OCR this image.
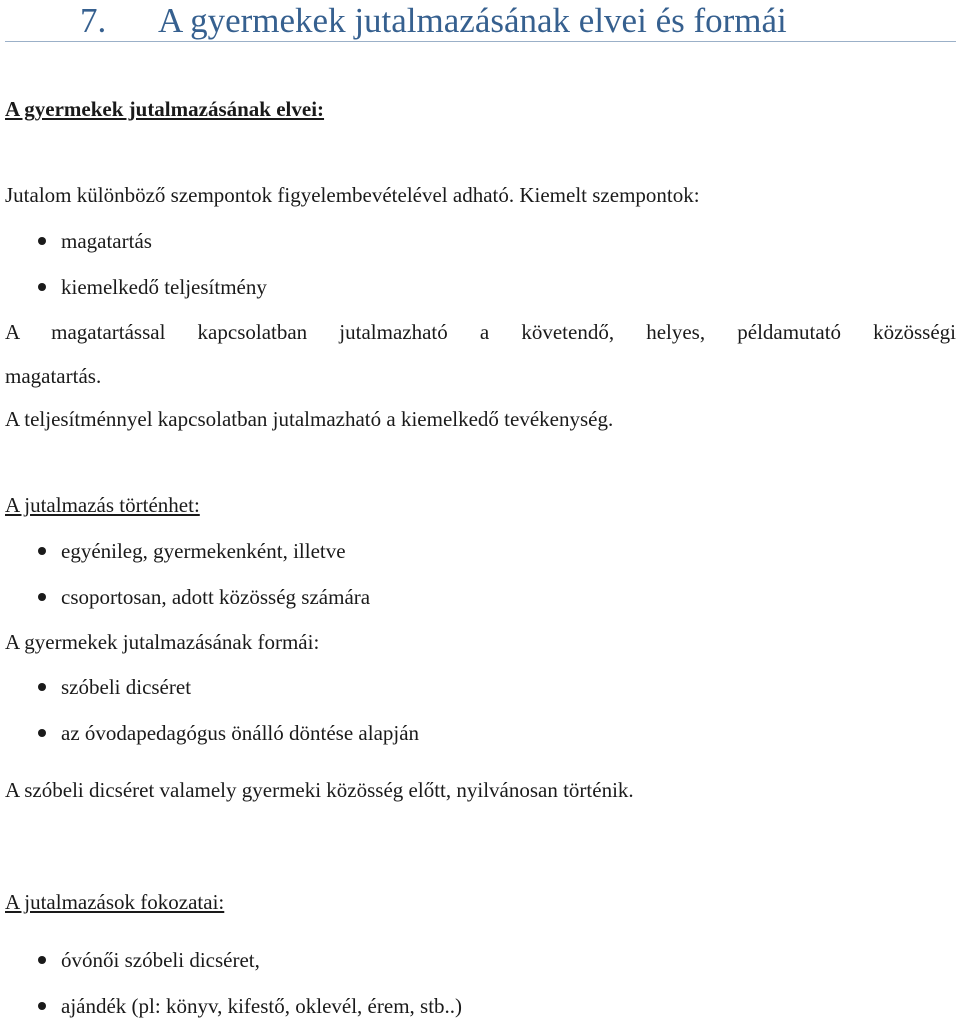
7. A gyermekek jutalmazásának elvei és formái
A gyermekek jutalmazásának elvei:
Jutalom különböző szempontok figyelembevételével adható. Kiemelt szempontok:
magatartás
kiemelkedő teljesítmény
A magatartással kapcsolatban jutalmazható a követendő, helyes, példamutató közösségi
magatartás.
A teljesítménnyel kapcsolatban jutalmazható a kiemelkedő tevékenység.
A jutalmazás történhet:
egyénileg, gyermekenként, illetve
csoportosan, adott közösség számára
A gyermekek jutalmazásának formái:
szóbeli dicséret
az óvodapedagógus önálló döntése alapján
A szóbeli dicséret valamely gyermeki közösség előtt, nyilvánosan történik.
A jutalmazások fokozatai:
óvónői szóbeli dicséret,
ajándék (pl: könyv, kifestő, oklevél, érem, stb..)
